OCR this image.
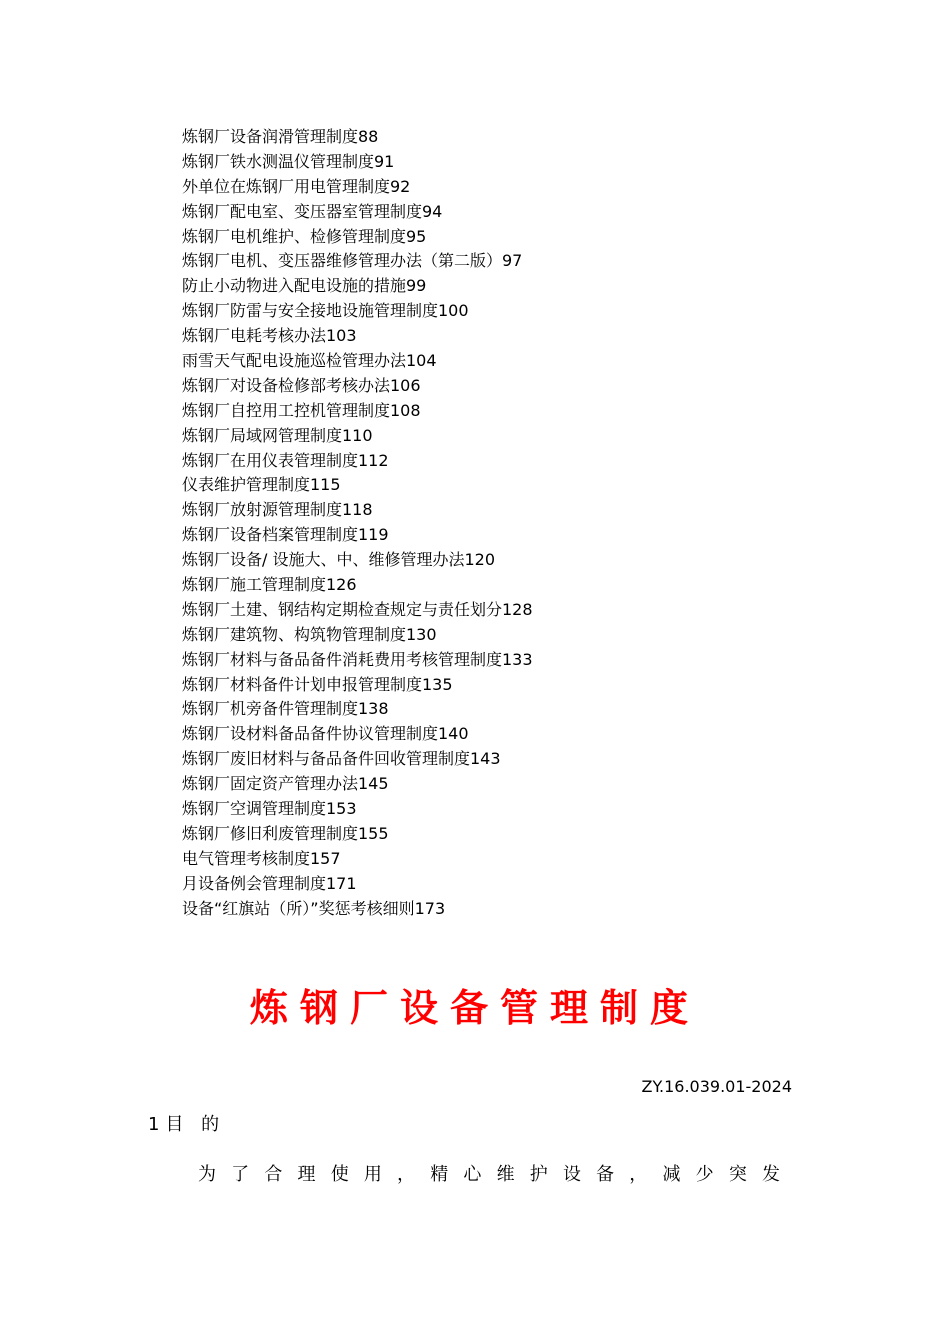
炼钢厂设备润滑管理制度88
炼钢厂铁水测温仪管理制度91
外单位在炼钢厂用电管理制度92
炼钢厂配电室、变压器室管理制度94
炼钢厂电机维护、检修管理制度95
炼钢厂电机、变压器维修管理办法（第二版）97
防止小动物进入配电设施的措施99
炼钢厂防雷与安全接地设施管理制度100
炼钢厂电耗考核办法103
雨雪天气配电设施巡检管理办法104
炼钢厂对设备检修部考核办法106
炼钢厂自控用工控机管理制度108
炼钢厂局域网管理制度110
炼钢厂在用仪表管理制度112
仪表维护管理制度115
炼钢厂放射源管理制度118
炼钢厂设备档案管理制度119
炼钢厂设备/ 设施大、中、维修管理办法120
炼钢厂施工管理制度126
炼钢厂土建、钢结构定期检查规定与责任划分128
炼钢厂建筑物、构筑物管理制度130
炼钢厂材料与备品备件消耗费用考核管理制度133
炼钢厂材料备件计划申报管理制度135
炼钢厂机旁备件管理制度138
炼钢厂设材料备品备件协议管理制度140
炼钢厂废旧材料与备品备件回收管理制度143
炼钢厂固定资产管理办法145
炼钢厂空调管理制度153
炼钢厂修旧利废管理制度155
电气管理考核制度157
月设备例会管理制度171
设备“红旗站（所）”奖惩考核细则173
炼钢厂设备管理制度
ZY.16.039.01-2024
1目 的
为了合理使用，精心维护设备，减少突发
